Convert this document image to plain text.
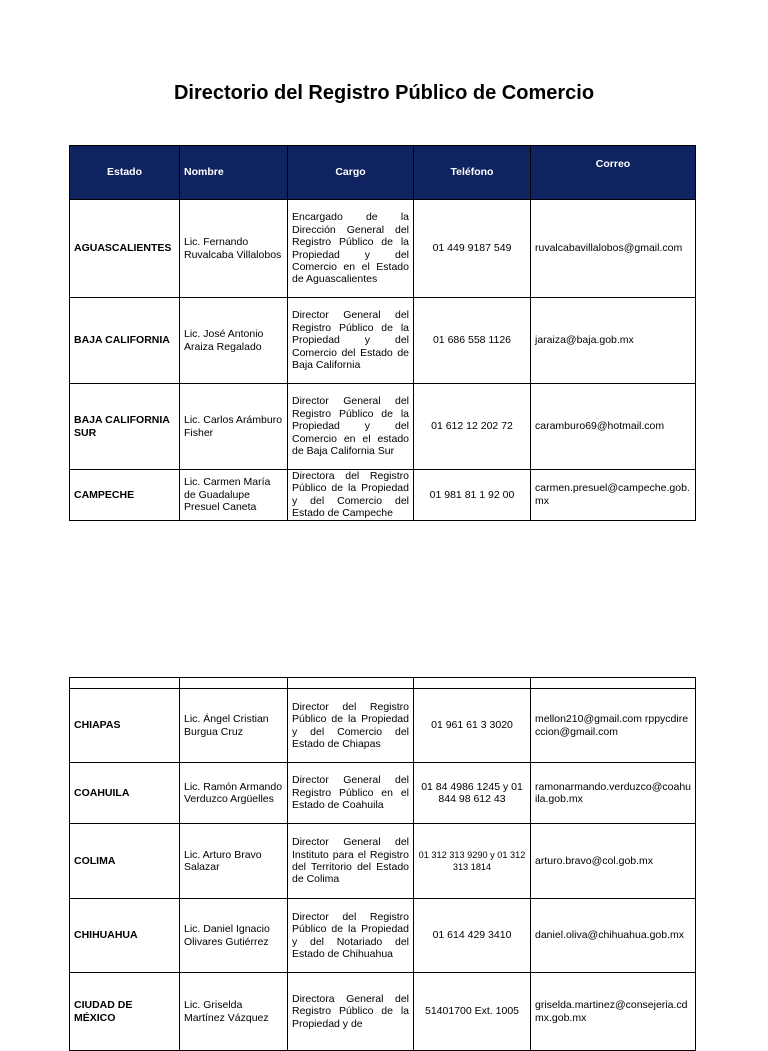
Directorio del Registro Público de Comercio
Estado	Nombre	Cargo	Teléfono	Correo
AGUASCALIENTES	Lic. Fernando Ruvalcaba Villalobos	Encargado de la Dirección General del Registro Público de la Propiedad y del Comercio en el Estado de Aguascalientes	01 449 9187 549	ruvalcabavillalobos@gmail.com
BAJA CALIFORNIA	Lic. José Antonio Araiza Regalado	Director General del Registro Público de la Propiedad y del Comercio del Estado de Baja California	01 686 558 1126	jaraiza@baja.gob.mx
BAJA CALIFORNIA SUR	Lic. Carlos Arámburo Fisher	Director General del Registro Público de la Propiedad y del Comercio en el estado de Baja California Sur	01 612 12 202 72	caramburo69@hotmail.com
CAMPECHE	Lic. Carmen María de Guadalupe Presuel Caneta	Directora del Registro Público de la Propiedad y del Comercio del Estado de Campeche	01 981 81 1 92 00	carmen.presuel@campeche.gob.mx

CHIAPAS	Lic. Ángel Cristian Burgua Cruz	Director del Registro Público de la Propiedad y del Comercio del Estado de Chiapas	01 961 61 3 3020	mellon210@gmail.com rppycdireccion@gmail.com
COAHUILA	Lic. Ramón Armando Verduzco Argüelles	Director General del Registro Público en el Estado de Coahuila	01 84 4986 1245 y 01 844 98 612 43	ramonarmando.verduzco@coahuila.gob.mx
COLIMA	Lic. Arturo Bravo Salazar	Director General del Instituto para el Registro del Territorio del Estado de Colima	01 312 313 9290 y 01 312 313 1814	arturo.bravo@col.gob.mx
CHIHUAHUA	Lic. Daniel Ignacio Olivares Gutiérrez	Director del Registro Público de la Propiedad y del Notariado del Estado de Chihuahua	01 614 429 3410	daniel.oliva@chihuahua.gob.mx
CIUDAD DE MÉXICO	Lic. Griselda Martínez Vázquez	Directora General del Registro Público de la Propiedad y de	51401700 Ext. 1005	griselda.martinez@consejeria.cdmx.gob.mx
